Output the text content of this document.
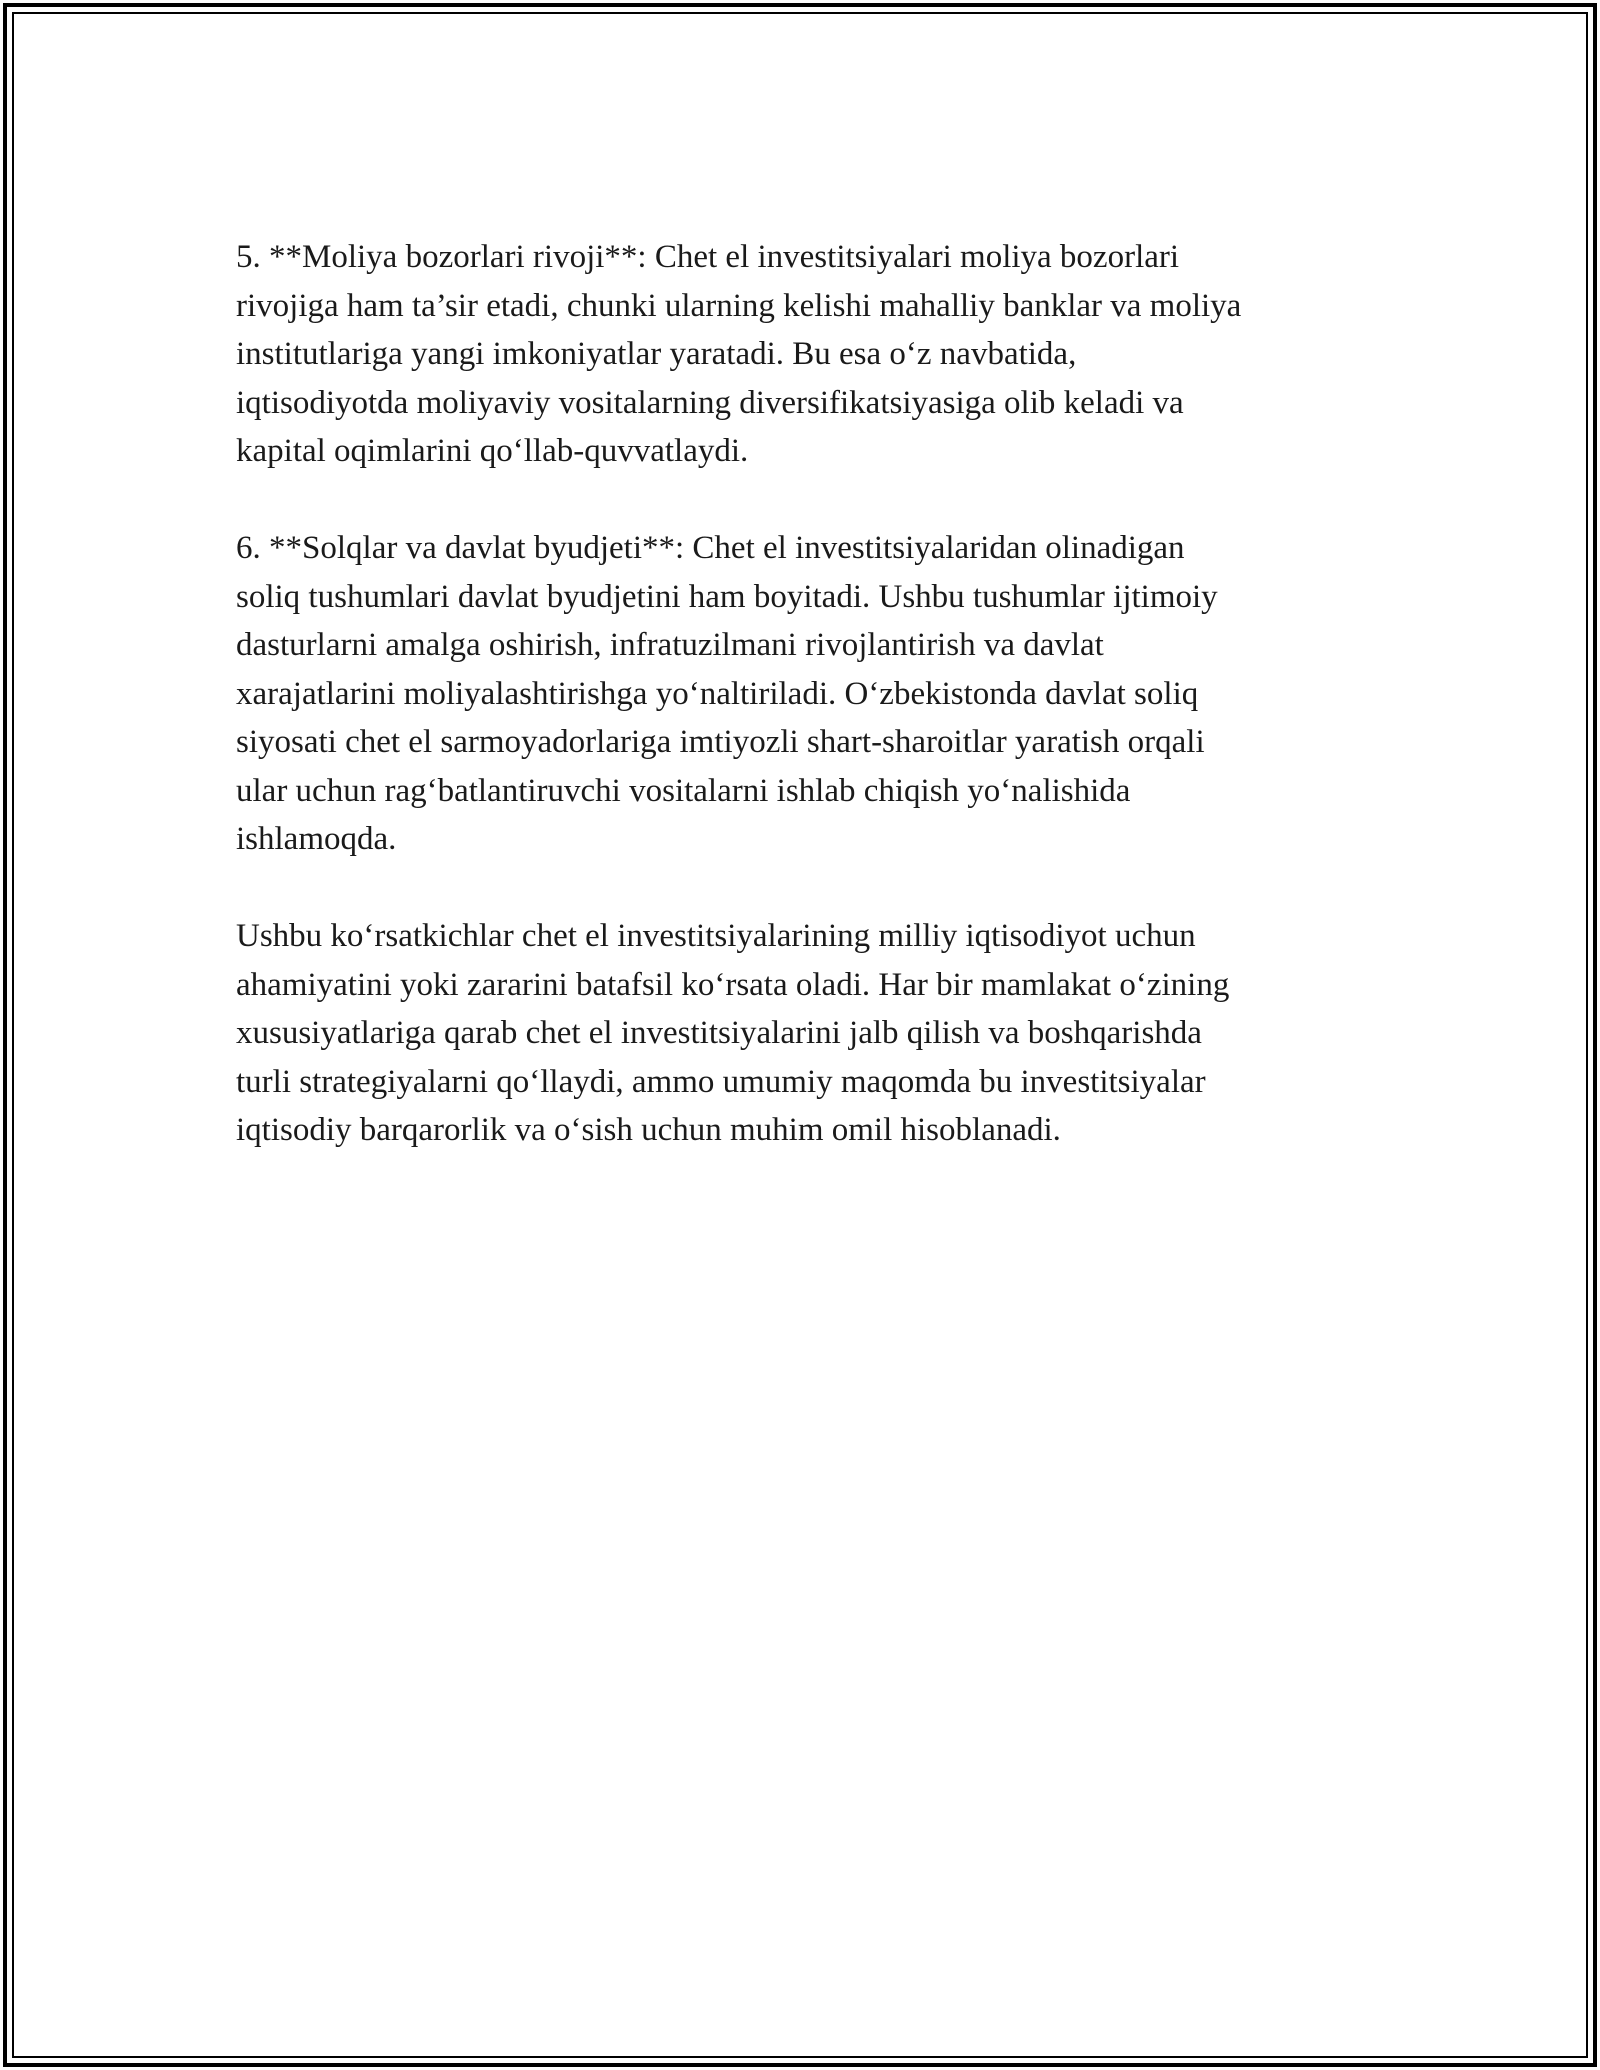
5. **Moliya bozorlari rivoji**: Chet el investitsiyalari moliya bozorlari
rivojiga ham ta’sir etadi, chunki ularning kelishi mahalliy banklar va moliya
institutlariga yangi imkoniyatlar yaratadi. Bu esa o‘z navbatida,
iqtisodiyotda moliyaviy vositalarning diversifikatsiyasiga olib keladi va
kapital oqimlarini qo‘llab-quvvatlaydi.

6. **Solqlar va davlat byudjeti**: Chet el investitsiyalaridan olinadigan
soliq tushumlari davlat byudjetini ham boyitadi. Ushbu tushumlar ijtimoiy
dasturlarni amalga oshirish, infratuzilmani rivojlantirish va davlat
xarajatlarini moliyalashtirishga yo‘naltiriladi. O‘zbekistonda davlat soliq
siyosati chet el sarmoyadorlariga imtiyozli shart-sharoitlar yaratish orqali
ular uchun rag‘batlantiruvchi vositalarni ishlab chiqish yo‘nalishida
ishlamoqda.

Ushbu ko‘rsatkichlar chet el investitsiyalarining milliy iqtisodiyot uchun
ahamiyatini yoki zararini batafsil ko‘rsata oladi. Har bir mamlakat o‘zining
xususiyatlariga qarab chet el investitsiyalarini jalb qilish va boshqarishda
turli strategiyalarni qo‘llaydi, ammo umumiy maqomda bu investitsiyalar
iqtisodiy barqarorlik va o‘sish uchun muhim omil hisoblanadi.
